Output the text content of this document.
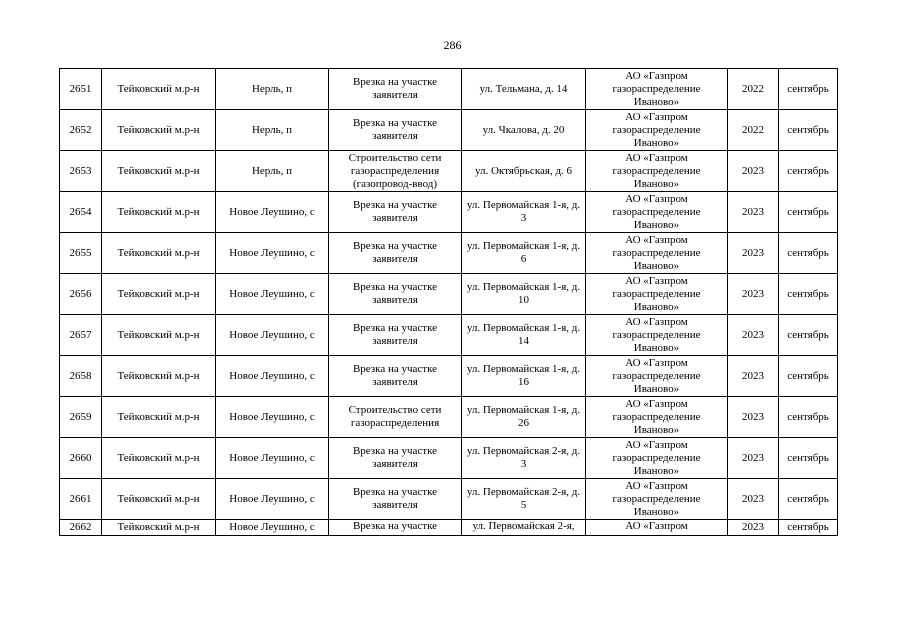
286
2651	Тейковский м.р-н	Нерль, п	Врезка на участке заявителя	ул. Тельмана, д. 14	АО «Газпром газораспределение Иваново»	2022	сентябрь
2652	Тейковский м.р-н	Нерль, п	Врезка на участке заявителя	ул. Чкалова, д. 20	АО «Газпром газораспределение Иваново»	2022	сентябрь
2653	Тейковский м.р-н	Нерль, п	Строительство сети газораспределения (газопровод-ввод)	ул. Октябрьская, д. 6	АО «Газпром газораспределение Иваново»	2023	сентябрь
2654	Тейковский м.р-н	Новое Леушино, с	Врезка на участке заявителя	ул. Первомайская 1-я, д. 3	АО «Газпром газораспределение Иваново»	2023	сентябрь
2655	Тейковский м.р-н	Новое Леушино, с	Врезка на участке заявителя	ул. Первомайская 1-я, д. 6	АО «Газпром газораспределение Иваново»	2023	сентябрь
2656	Тейковский м.р-н	Новое Леушино, с	Врезка на участке заявителя	ул. Первомайская 1-я, д. 10	АО «Газпром газораспределение Иваново»	2023	сентябрь
2657	Тейковский м.р-н	Новое Леушино, с	Врезка на участке заявителя	ул. Первомайская 1-я, д. 14	АО «Газпром газораспределение Иваново»	2023	сентябрь
2658	Тейковский м.р-н	Новое Леушино, с	Врезка на участке заявителя	ул. Первомайская 1-я, д. 16	АО «Газпром газораспределение Иваново»	2023	сентябрь
2659	Тейковский м.р-н	Новое Леушино, с	Строительство сети газораспределения	ул. Первомайская 1-я, д. 26	АО «Газпром газораспределение Иваново»	2023	сентябрь
2660	Тейковский м.р-н	Новое Леушино, с	Врезка на участке заявителя	ул. Первомайская 2-я, д. 3	АО «Газпром газораспределение Иваново»	2023	сентябрь
2661	Тейковский м.р-н	Новое Леушино, с	Врезка на участке заявителя	ул. Первомайская 2-я, д. 5	АО «Газпром газораспределение Иваново»	2023	сентябрь
2662	Тейковский м.р-н	Новое Леушино, с	Врезка на участке	ул. Первомайская 2-я,	АО «Газпром	2023	сентябрь
